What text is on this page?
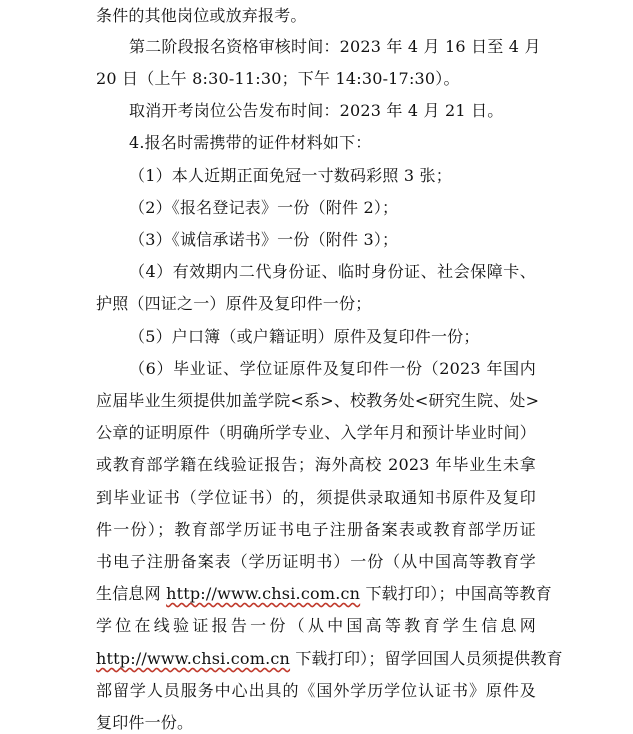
条件的其他岗位或放弃报考。
第二阶段报名资格审核时间：2023 年 4 月 16 日至 4 月
20 日（上午 8:30-11:30；下午 14:30-17:30）。
取消开考岗位公告发布时间：2023 年 4 月 21 日。
4.报名时需携带的证件材料如下：
（1）本人近期正面免冠一寸数码彩照 3 张；
（2）《报名登记表》一份（附件 2）；
（3）《诚信承诺书》一份（附件 3）；
（4）有效期内二代身份证、临时身份证、社会保障卡、
护照（四证之一）原件及复印件一份；
（5）户口簿（或户籍证明）原件及复印件一份；
（6）毕业证、学位证原件及复印件一份（2023 年国内
应届毕业生须提供加盖学院<系>、校教务处<研究生院、处>
公章的证明原件（明确所学专业、入学年月和预计毕业时间）
或教育部学籍在线验证报告；海外高校 2023 年毕业生未拿
到毕业证书（学位证书）的，须提供录取通知书原件及复印
件一份）；教育部学历证书电子注册备案表或教育部学历证
书电子注册备案表（学历证明书）一份（从中国高等教育学
生信息网 http://www.chsi.com.cn 下载打印）；中国高等教育
学位在线验证报告一份（从中国高等教育学生信息网
http://www.chsi.com.cn 下载打印）；留学回国人员须提供教育
部留学人员服务中心出具的《国外学历学位认证书》原件及
复印件一份。
